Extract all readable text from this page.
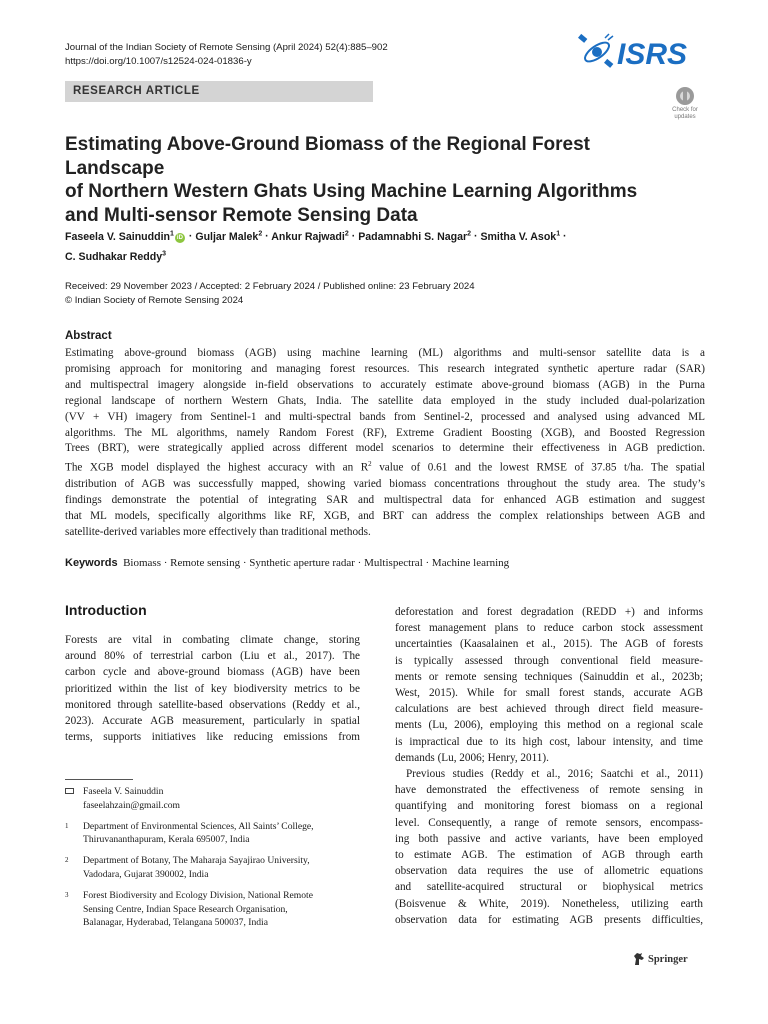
Journal of the Indian Society of Remote Sensing (April 2024) 52(4):885–902
https://doi.org/10.1007/s12524-024-01836-y	ISRS
RESEARCH ARTICLE
Check for
updates
Estimating Above-Ground Biomass of the Regional Forest Landscape
of Northern Western Ghats Using Machine Learning Algorithms
and Multi-sensor Remote Sensing Data
Faseela V. Sainuddin$^1$iD · Guljar Malek$^2$ · Ankur Rajwadi$^2$ · Padamnabhi S. Nagar$^2$ · Smitha V. Asok$^1$ ·
C. Sudhakar Reddy$^3$
Received: 29 November 2023 / Accepted: 2 February 2024 / Published online: 23 February 2024
© Indian Society of Remote Sensing 2024
Abstract
Estimating above-ground biomass (AGB) using machine learning (ML) algorithms and multi-sensor satellite data is a
promising approach for monitoring and managing forest resources. This research integrated synthetic aperture radar (SAR)
and multispectral imagery alongside in-field observations to accurately estimate above-ground biomass (AGB) in the Purna
regional landscape of northern Western Ghats, India. The satellite data employed in the study included dual-polarization
(VV + VH) imagery from Sentinel-1 and multi-spectral bands from Sentinel-2, processed and analysed using advanced ML
algorithms. The ML algorithms, namely Random Forest (RF), Extreme Gradient Boosting (XGB), and Boosted Regression
Trees (BRT), were strategically applied across different model scenarios to determine their effectiveness in AGB prediction.
The XGB model displayed the highest accuracy with an $R^2$ value of 0.61 and the lowest RMSE of 37.85 t/ha. The spatial
distribution of AGB was successfully mapped, showing varied biomass concentrations throughout the study area. The study’s
findings demonstrate the potential of integrating SAR and multispectral data for enhanced AGB estimation and suggest
that ML models, specifically algorithms like RF, XGB, and BRT can address the complex relationships between AGB and
satellite-derived variables more effectively than traditional methods.
Keywords Biomass · Remote sensing · Synthetic aperture radar · Multispectral · Machine learning
Introduction
Forests are vital in combating climate change, storing
around 80% of terrestrial carbon (Liu et al., 2017). The
carbon cycle and above-ground biomass (AGB) have been
prioritized within the list of key biodiversity metrics to be
monitored through satellite-based observations (Reddy et al.,
2023). Accurate AGB measurement, particularly in spatial
terms, supports initiatives like reducing emissions from
deforestation and forest degradation (REDD +) and informs
forest management plans to reduce carbon stock assessment
uncertainties (Kaasalainen et al., 2015). The AGB of forests
is typically assessed through conventional field measure-
ments or remote sensing techniques (Sainuddin et al., 2023b;
West, 2015). While for small forest stands, accurate AGB
calculations are best achieved through direct field measure-
ments (Lu, 2006), employing this method on a regional scale
is impractical due to its high cost, labour intensity, and time
demands (Lu, 2006; Henry, 2011).
Previous studies (Reddy et al., 2016; Saatchi et al., 2011)
have demonstrated the effectiveness of remote sensing in
quantifying and monitoring forest biomass on a regional
level. Consequently, a range of remote sensors, encompass-
ing both passive and active variants, have been employed
to estimate AGB. The estimation of AGB through earth
observation data requires the use of allometric equations
and satellite-acquired structural or biophysical metrics
(Boisvenue & White, 2019). Nonetheless, utilizing earth
observation data for estimating AGB presents difficulties,
Faseela V. Sainuddin
faseelahzain@gmail.com
1 Department of Environmental Sciences, All Saints’ College,
Thiruvananthapuram, Kerala 695007, India
2 Department of Botany, The Maharaja Sayajirao University,
Vadodara, Gujarat 390002, India
3 Forest Biodiversity and Ecology Division, National Remote
Sensing Centre, Indian Space Research Organisation,
Balanagar, Hyderabad, Telangana 500037, India
Springer
